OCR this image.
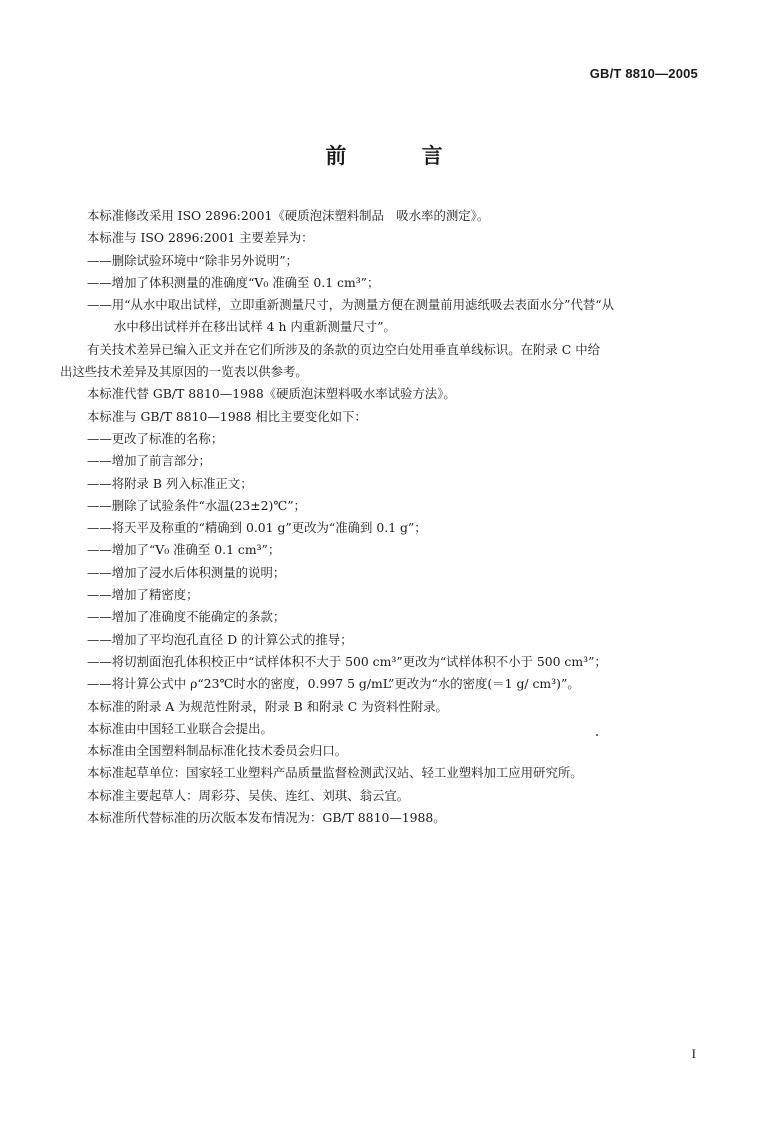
GB/T 8810—2005
前 言
本标准修改采用 ISO 2896:2001《硬质泡沫塑料制品　吸水率的测定》。
本标准与 ISO 2896:2001 主要差异为：
——删除试验环境中“除非另外说明”；
——增加了体积测量的准确度“V₀ 准确至 0.1 cm³”；
——用“从水中取出试样，立即重新测量尺寸，为测量方便在测量前用滤纸吸去表面水分”代替“从
水中移出试样并在移出试样 4 h 内重新测量尺寸”。
有关技术差异已编入正文并在它们所涉及的条款的页边空白处用垂直单线标识。在附录 C 中给
出这些技术差异及其原因的一览表以供参考。
本标准代替 GB/T 8810—1988《硬质泡沫塑料吸水率试验方法》。
本标准与 GB/T 8810—1988 相比主要变化如下：
——更改了标准的名称；
——增加了前言部分；
——将附录 B 列入标准正文；
——删除了试验条件“水温(23±2)℃”；
——将天平及称重的“精确到 0.01 g”更改为“准确到 0.1 g”；
——增加了“V₀ 准确至 0.1 cm³”；
——增加了浸水后体积测量的说明；
——增加了精密度；
——增加了准确度不能确定的条款；
——增加了平均泡孔直径 D 的计算公式的推导；
——将切割面泡孔体积校正中“试样体积不大于 500 cm³”更改为“试样体积不小于 500 cm³”；
——将计算公式中 ρ“23℃时水的密度，0.997 5 g/mL”更改为“水的密度(＝1 g/ cm³)”。
本标准的附录 A 为规范性附录，附录 B 和附录 C 为资料性附录。
本标准由中国轻工业联合会提出。
本标准由全国塑料制品标准化技术委员会归口。
本标准起草单位：国家轻工业塑料产品质量监督检测武汉站、轻工业塑料加工应用研究所。
本标准主要起草人：周彩芬、吴侠、连红、刘琪、翁云宜。
本标准所代替标准的历次版本发布情况为：GB/T 8810—1988。
I
